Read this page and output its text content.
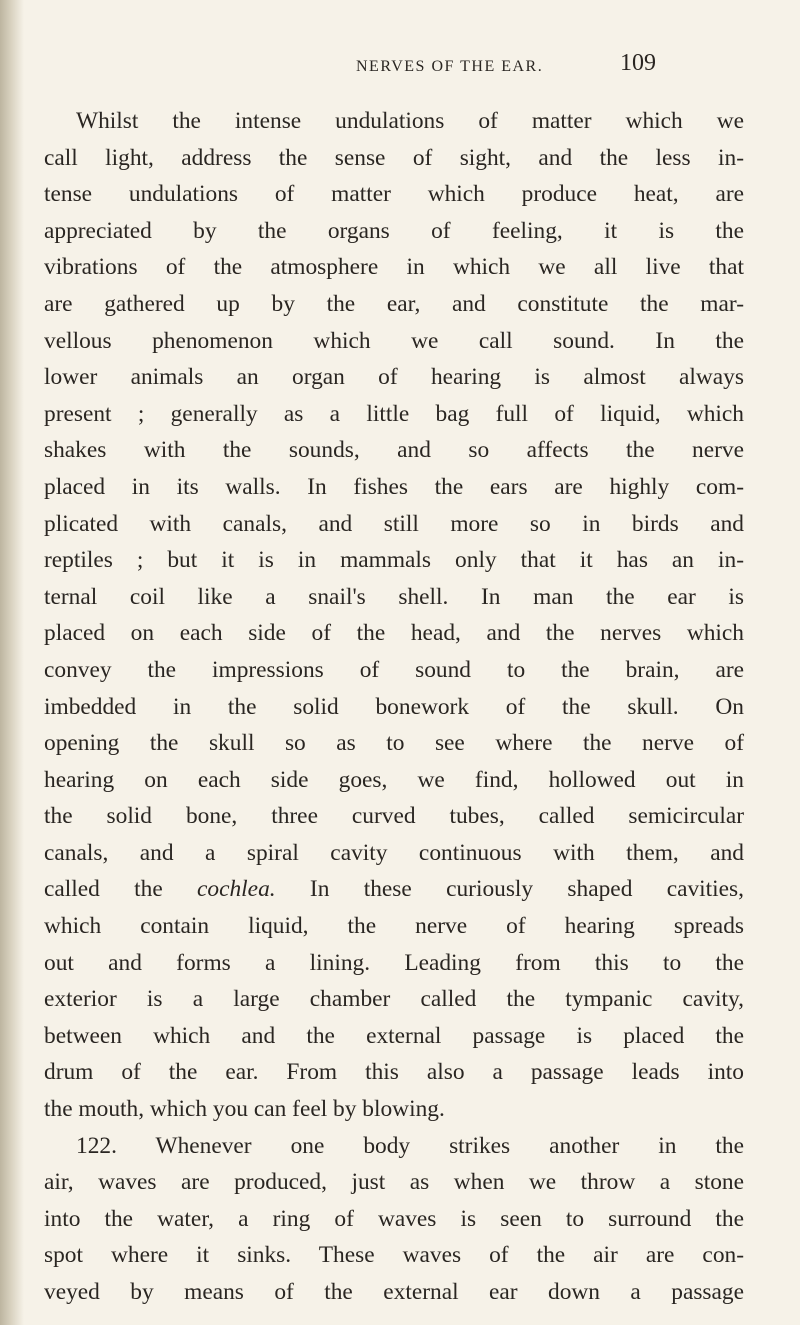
NERVES OF THE EAR.	109
Whilst the intense undulations of matter which we
call light, address the sense of sight, and the less in-
tense undulations of matter which produce heat, are
appreciated by the organs of feeling, it is the
vibrations of the atmosphere in which we all live that
are gathered up by the ear, and constitute the mar-
vellous phenomenon which we call sound. In the
lower animals an organ of hearing is almost always
present ; generally as a little bag full of liquid, which
shakes with the sounds, and so affects the nerve
placed in its walls. In fishes the ears are highly com-
plicated with canals, and still more so in birds and
reptiles ; but it is in mammals only that it has an in-
ternal coil like a snail's shell. In man the ear is
placed on each side of the head, and the nerves which
convey the impressions of sound to the brain, are
imbedded in the solid bonework of the skull. On
opening the skull so as to see where the nerve of
hearing on each side goes, we find, hollowed out in
the solid bone, three curved tubes, called semicircular
canals, and a spiral cavity continuous with them, and
called the cochlea. In these curiously shaped cavities,
which contain liquid, the nerve of hearing spreads
out and forms a lining. Leading from this to the
exterior is a large chamber called the tympanic cavity,
between which and the external passage is placed the
drum of the ear. From this also a passage leads into
the mouth, which you can feel by blowing.
122. Whenever one body strikes another in the
air, waves are produced, just as when we throw a stone
into the water, a ring of waves is seen to surround the
spot where it sinks. These waves of the air are con-
veyed by means of the external ear down a passage
